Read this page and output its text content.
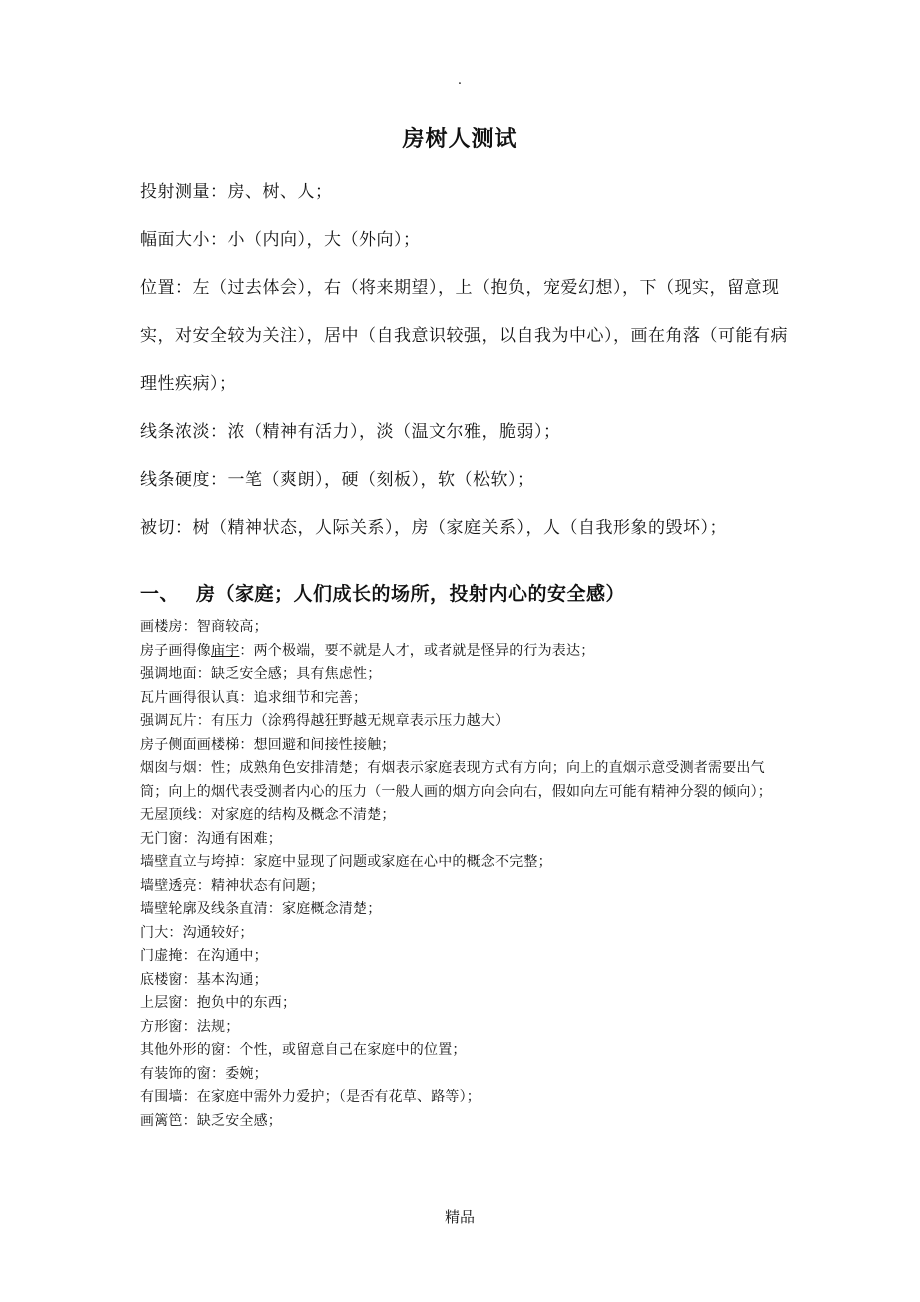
.
房树人测试

投射测量：房、树、人；

幅面大小：小（内向），大（外向）；

位置：左（过去体会），右（将来期望），上（抱负，宠爱幻想），下（现实，留意现实，对安全较为关注），居中（自我意识较强，以自我为中心），画在角落（可能有病理性疾病）；

线条浓淡：浓（精神有活力），淡（温文尔雅，脆弱）；

线条硬度：一笔（爽朗），硬（刻板），软（松软）；

被切：树（精神状态，人际关系），房（家庭关系），人（自我形象的毁坏）；

一、 房（家庭；人们成长的场所，投射内心的安全感）
画楼房：智商较高；
房子画得像庙宇：两个极端，要不就是人才，或者就是怪异的行为表达；
强调地面：缺乏安全感；具有焦虑性；
瓦片画得很认真：追求细节和完善；
强调瓦片：有压力（涂鸦得越狂野越无规章表示压力越大）
房子侧面画楼梯：想回避和间接性接触；
烟囱与烟：性；成熟角色安排清楚；有烟表示家庭表现方式有方向；向上的直烟示意受测者需要出气筒；向上的烟代表受测者内心的压力（一般人画的烟方向会向右，假如向左可能有精神分裂的倾向）；
无屋顶线：对家庭的结构及概念不清楚；
无门窗：沟通有困难；
墙壁直立与垮掉：家庭中显现了问题或家庭在心中的概念不完整；
墙壁透亮：精神状态有问题；
墙壁轮廓及线条直清：家庭概念清楚；
门大：沟通较好；
门虚掩：在沟通中；
底楼窗：基本沟通；
上层窗：抱负中的东西；
方形窗：法规；
其他外形的窗：个性，或留意自己在家庭中的位置；
有装饰的窗：委婉；
有围墙：在家庭中需外力爱护；（是否有花草、路等）；
画篱笆：缺乏安全感；
精品
